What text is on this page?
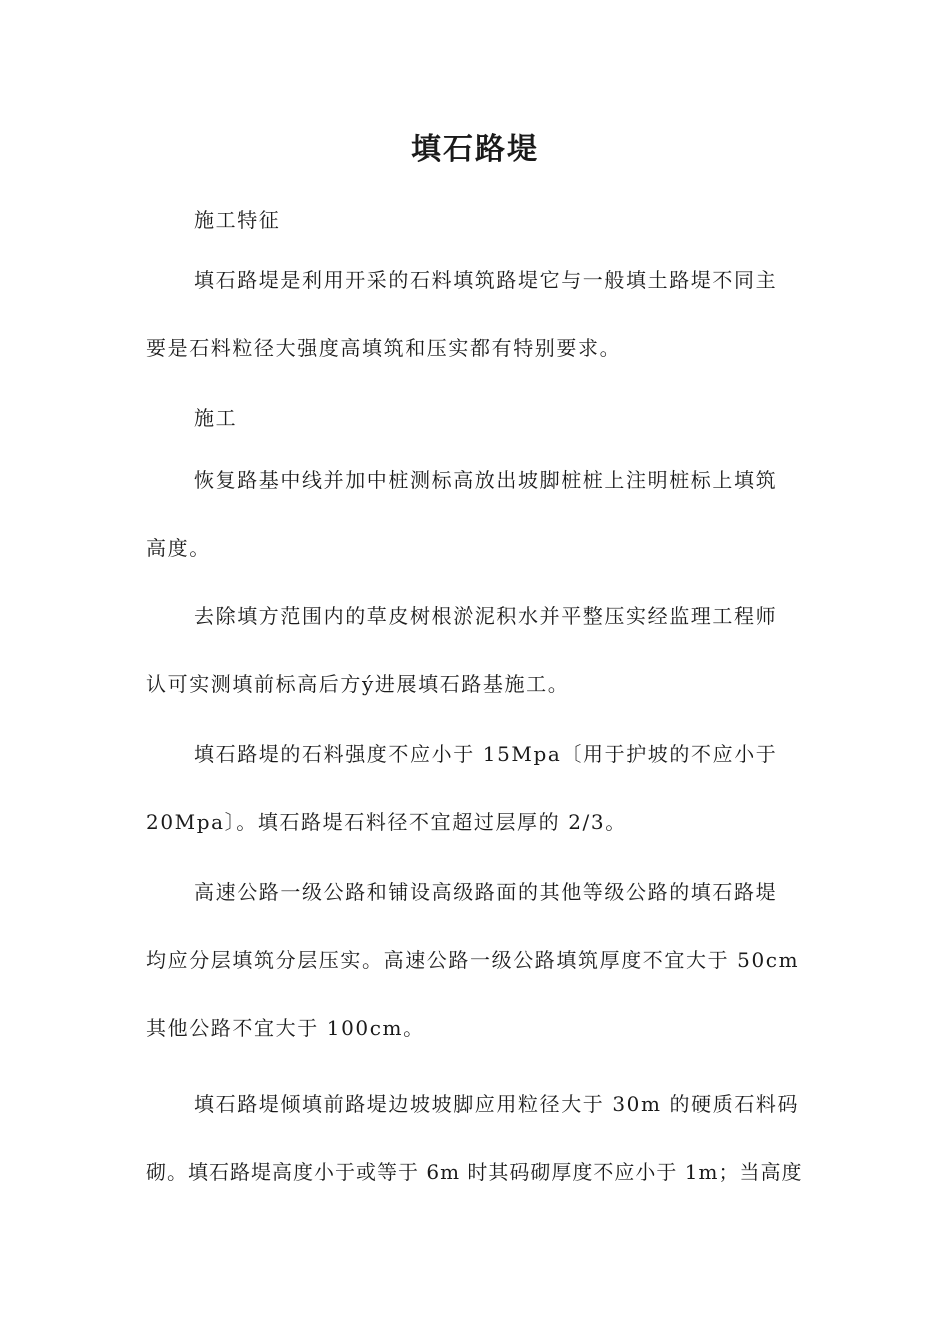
填石路堤

施工特征

填石路堤是利用开采的石料填筑路堤它与一般填土路堤不同主
要是石料粒径大强度高填筑和压实都有特别要求。

施工

恢复路基中线并加中桩测标高放出坡脚桩桩上注明桩标上填筑
高度。

去除填方范围内的草皮树根淤泥积水并平整压实经监理工程师
认可实测填前标高后方ý进展填石路基施工。

填石路堤的石料强度不应小于 15Mpa〔用于护坡的不应小于
20Mpa〕。填石路堤石料径不宜超过层厚的 2/3。

高速公路一级公路和铺设高级路面的其他等级公路的填石路堤
均应分层填筑分层压实。高速公路一级公路填筑厚度不宜大于 50cm
其他公路不宜大于 100cm。

填石路堤倾填前路堤边坡坡脚应用粒径大于 30m 的硬质石料码
砌。填石路堤高度小于或等于 6m 时其码砌厚度不应小于 1m；当高度
